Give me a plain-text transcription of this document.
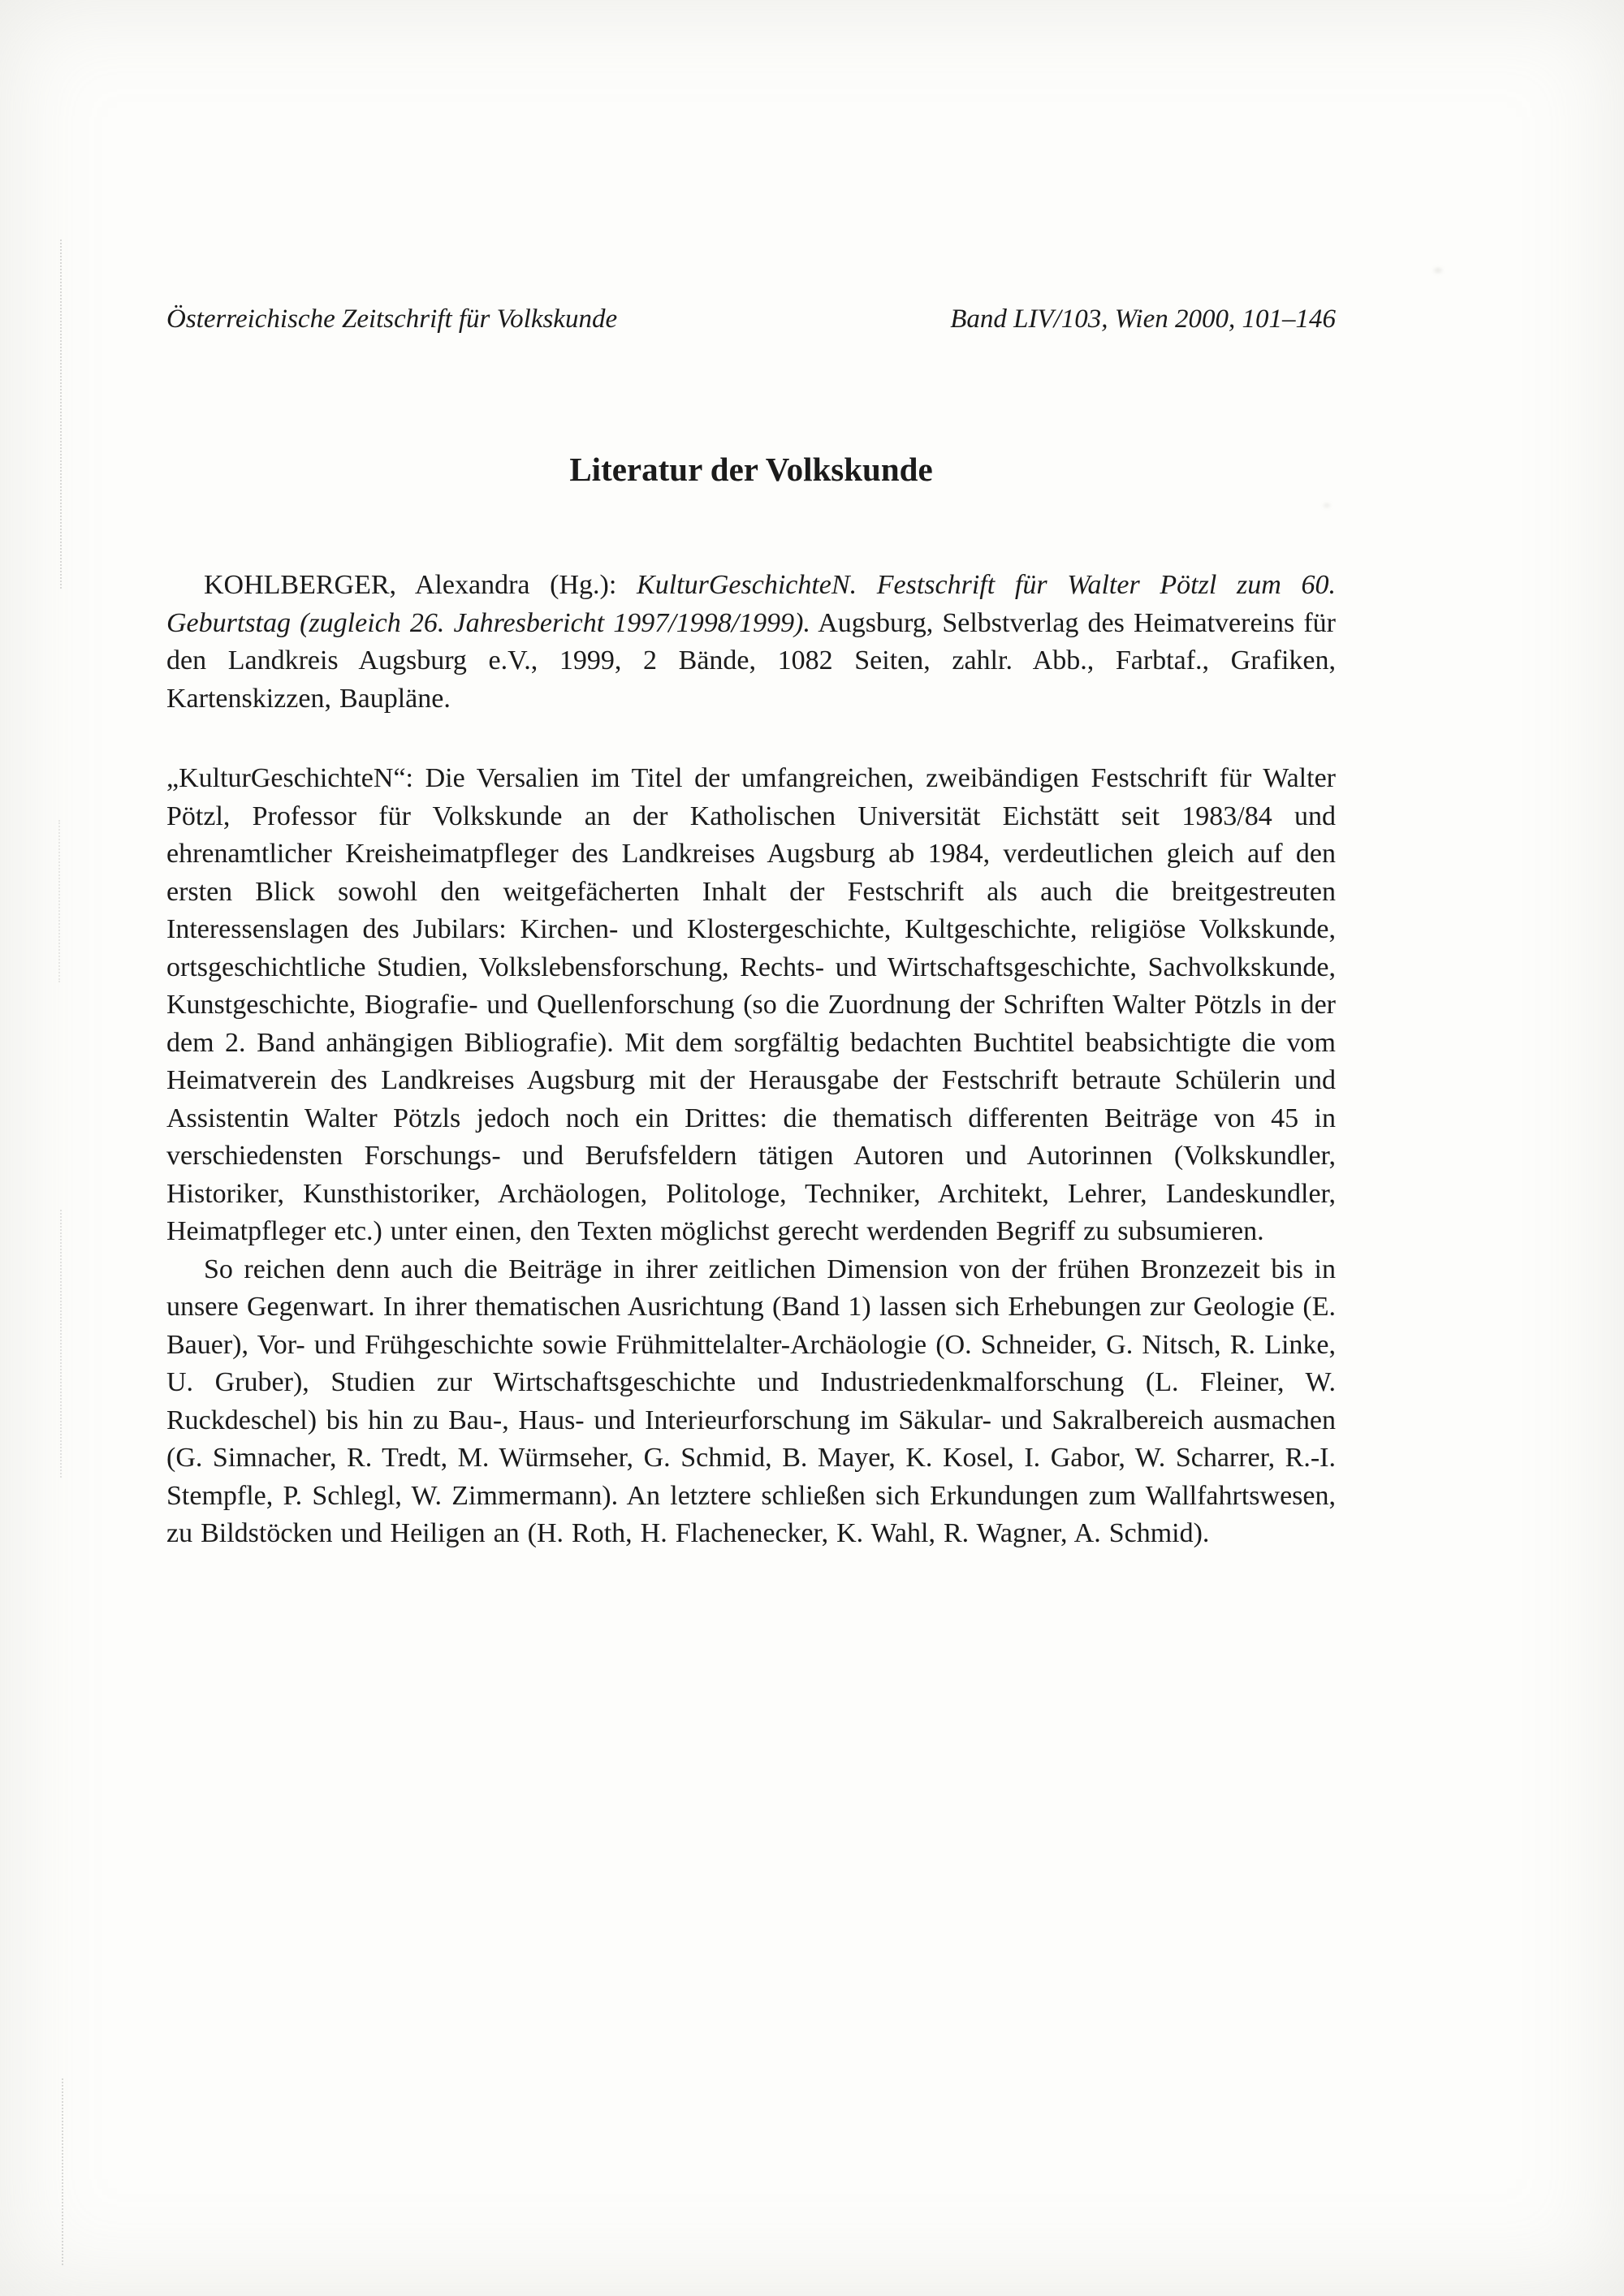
Österreichische Zeitschrift für Volkskunde	Band LIV/103, Wien 2000, 101–146
Literatur der Volkskunde

KOHLBERGER, Alexandra (Hg.): KulturGeschichteN. Festschrift für Walter Pötzl zum 60. Geburtstag (zugleich 26. Jahresbericht 1997/1998/1999). Augsburg, Selbstverlag des Heimatvereins für den Landkreis Augsburg e.V., 1999, 2 Bände, 1082 Seiten, zahlr. Abb., Farbtaf., Grafiken, Kartenskizzen, Baupläne.

„KulturGeschichteN“: Die Versalien im Titel der umfangreichen, zweibändigen Festschrift für Walter Pötzl, Professor für Volkskunde an der Katholischen Universität Eichstätt seit 1983/84 und ehrenamtlicher Kreisheimatpfleger des Landkreises Augsburg ab 1984, verdeutlichen gleich auf den ersten Blick sowohl den weitgefächerten Inhalt der Festschrift als auch die breitgestreuten Interessenslagen des Jubilars: Kirchen- und Klostergeschichte, Kultgeschichte, religiöse Volkskunde, ortsgeschichtliche Studien, Volkslebensforschung, Rechts- und Wirtschaftsgeschichte, Sachvolkskunde, Kunstgeschichte, Biografie- und Quellenforschung (so die Zuordnung der Schriften Walter Pötzls in der dem 2. Band anhängigen Bibliografie). Mit dem sorgfältig bedachten Buchtitel beabsichtigte die vom Heimatverein des Landkreises Augsburg mit der Herausgabe der Festschrift betraute Schülerin und Assistentin Walter Pötzls jedoch noch ein Drittes: die thematisch differenten Beiträge von 45 in verschiedensten Forschungs- und Berufsfeldern tätigen Autoren und Autorinnen (Volkskundler, Historiker, Kunsthistoriker, Archäologen, Politologe, Techniker, Architekt, Lehrer, Landeskundler, Heimatpfleger etc.) unter einen, den Texten möglichst gerecht werdenden Begriff zu subsumieren.

So reichen denn auch die Beiträge in ihrer zeitlichen Dimension von der frühen Bronzezeit bis in unsere Gegenwart. In ihrer thematischen Ausrichtung (Band 1) lassen sich Erhebungen zur Geologie (E. Bauer), Vor- und Frühgeschichte sowie Frühmittelalter-Archäologie (O. Schneider, G. Nitsch, R. Linke, U. Gruber), Studien zur Wirtschaftsgeschichte und Industriedenkmalforschung (L. Fleiner, W. Ruckdeschel) bis hin zu Bau-, Haus- und Interieurforschung im Säkular- und Sakralbereich ausmachen (G. Simnacher, R. Tredt, M. Würmseher, G. Schmid, B. Mayer, K. Kosel, I. Gabor, W. Scharrer, R.-I. Stempfle, P. Schlegl, W. Zimmermann). An letztere schließen sich Erkundungen zum Wallfahrtswesen, zu Bildstöcken und Heiligen an (H. Roth, H. Flachenecker, K. Wahl, R. Wagner, A. Schmid).
